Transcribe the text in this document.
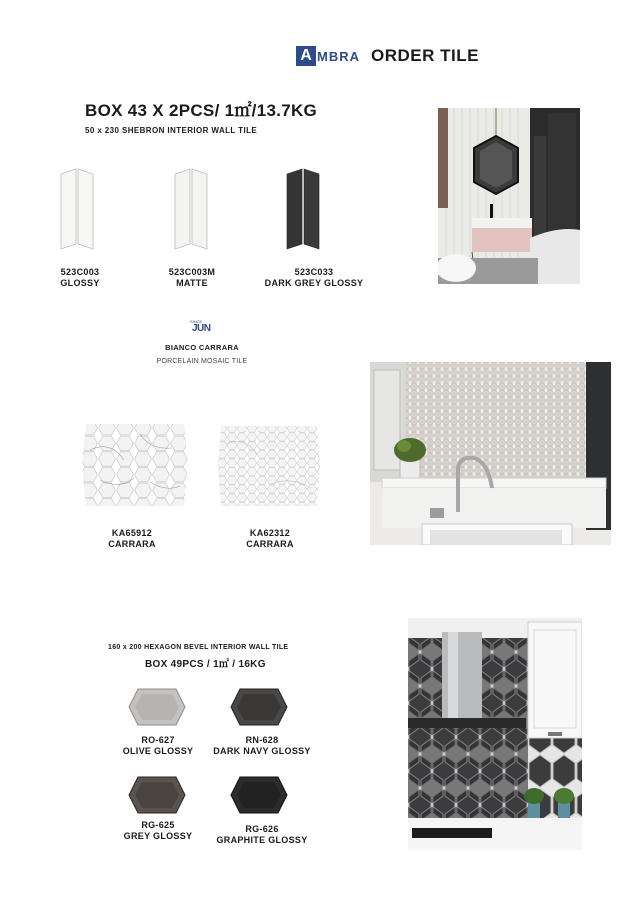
A MBRA ORDER TILE
BOX 43 X 2PCS/ 1㎡/13.7KG
50 x 230 SHEBRON INTERIOR WALL TILE
523C003
GLOSSY
523C003M
MATTE
523C033
DARK GREY GLOSSY
SINCE
JUN
BIANCO CARRARA
PORCELAIN MOSAIC TILE
KA65912
CARRARA
KA62312
CARRARA
160 x 200 HEXAGON BEVEL INTERIOR WALL TILE
BOX 49PCS / 1㎡ / 16KG
RO-627
OLIVE GLOSSY
RN-628
DARK NAVY GLOSSY
RG-625
GREY GLOSSY
RG-626
GRAPHITE GLOSSY
